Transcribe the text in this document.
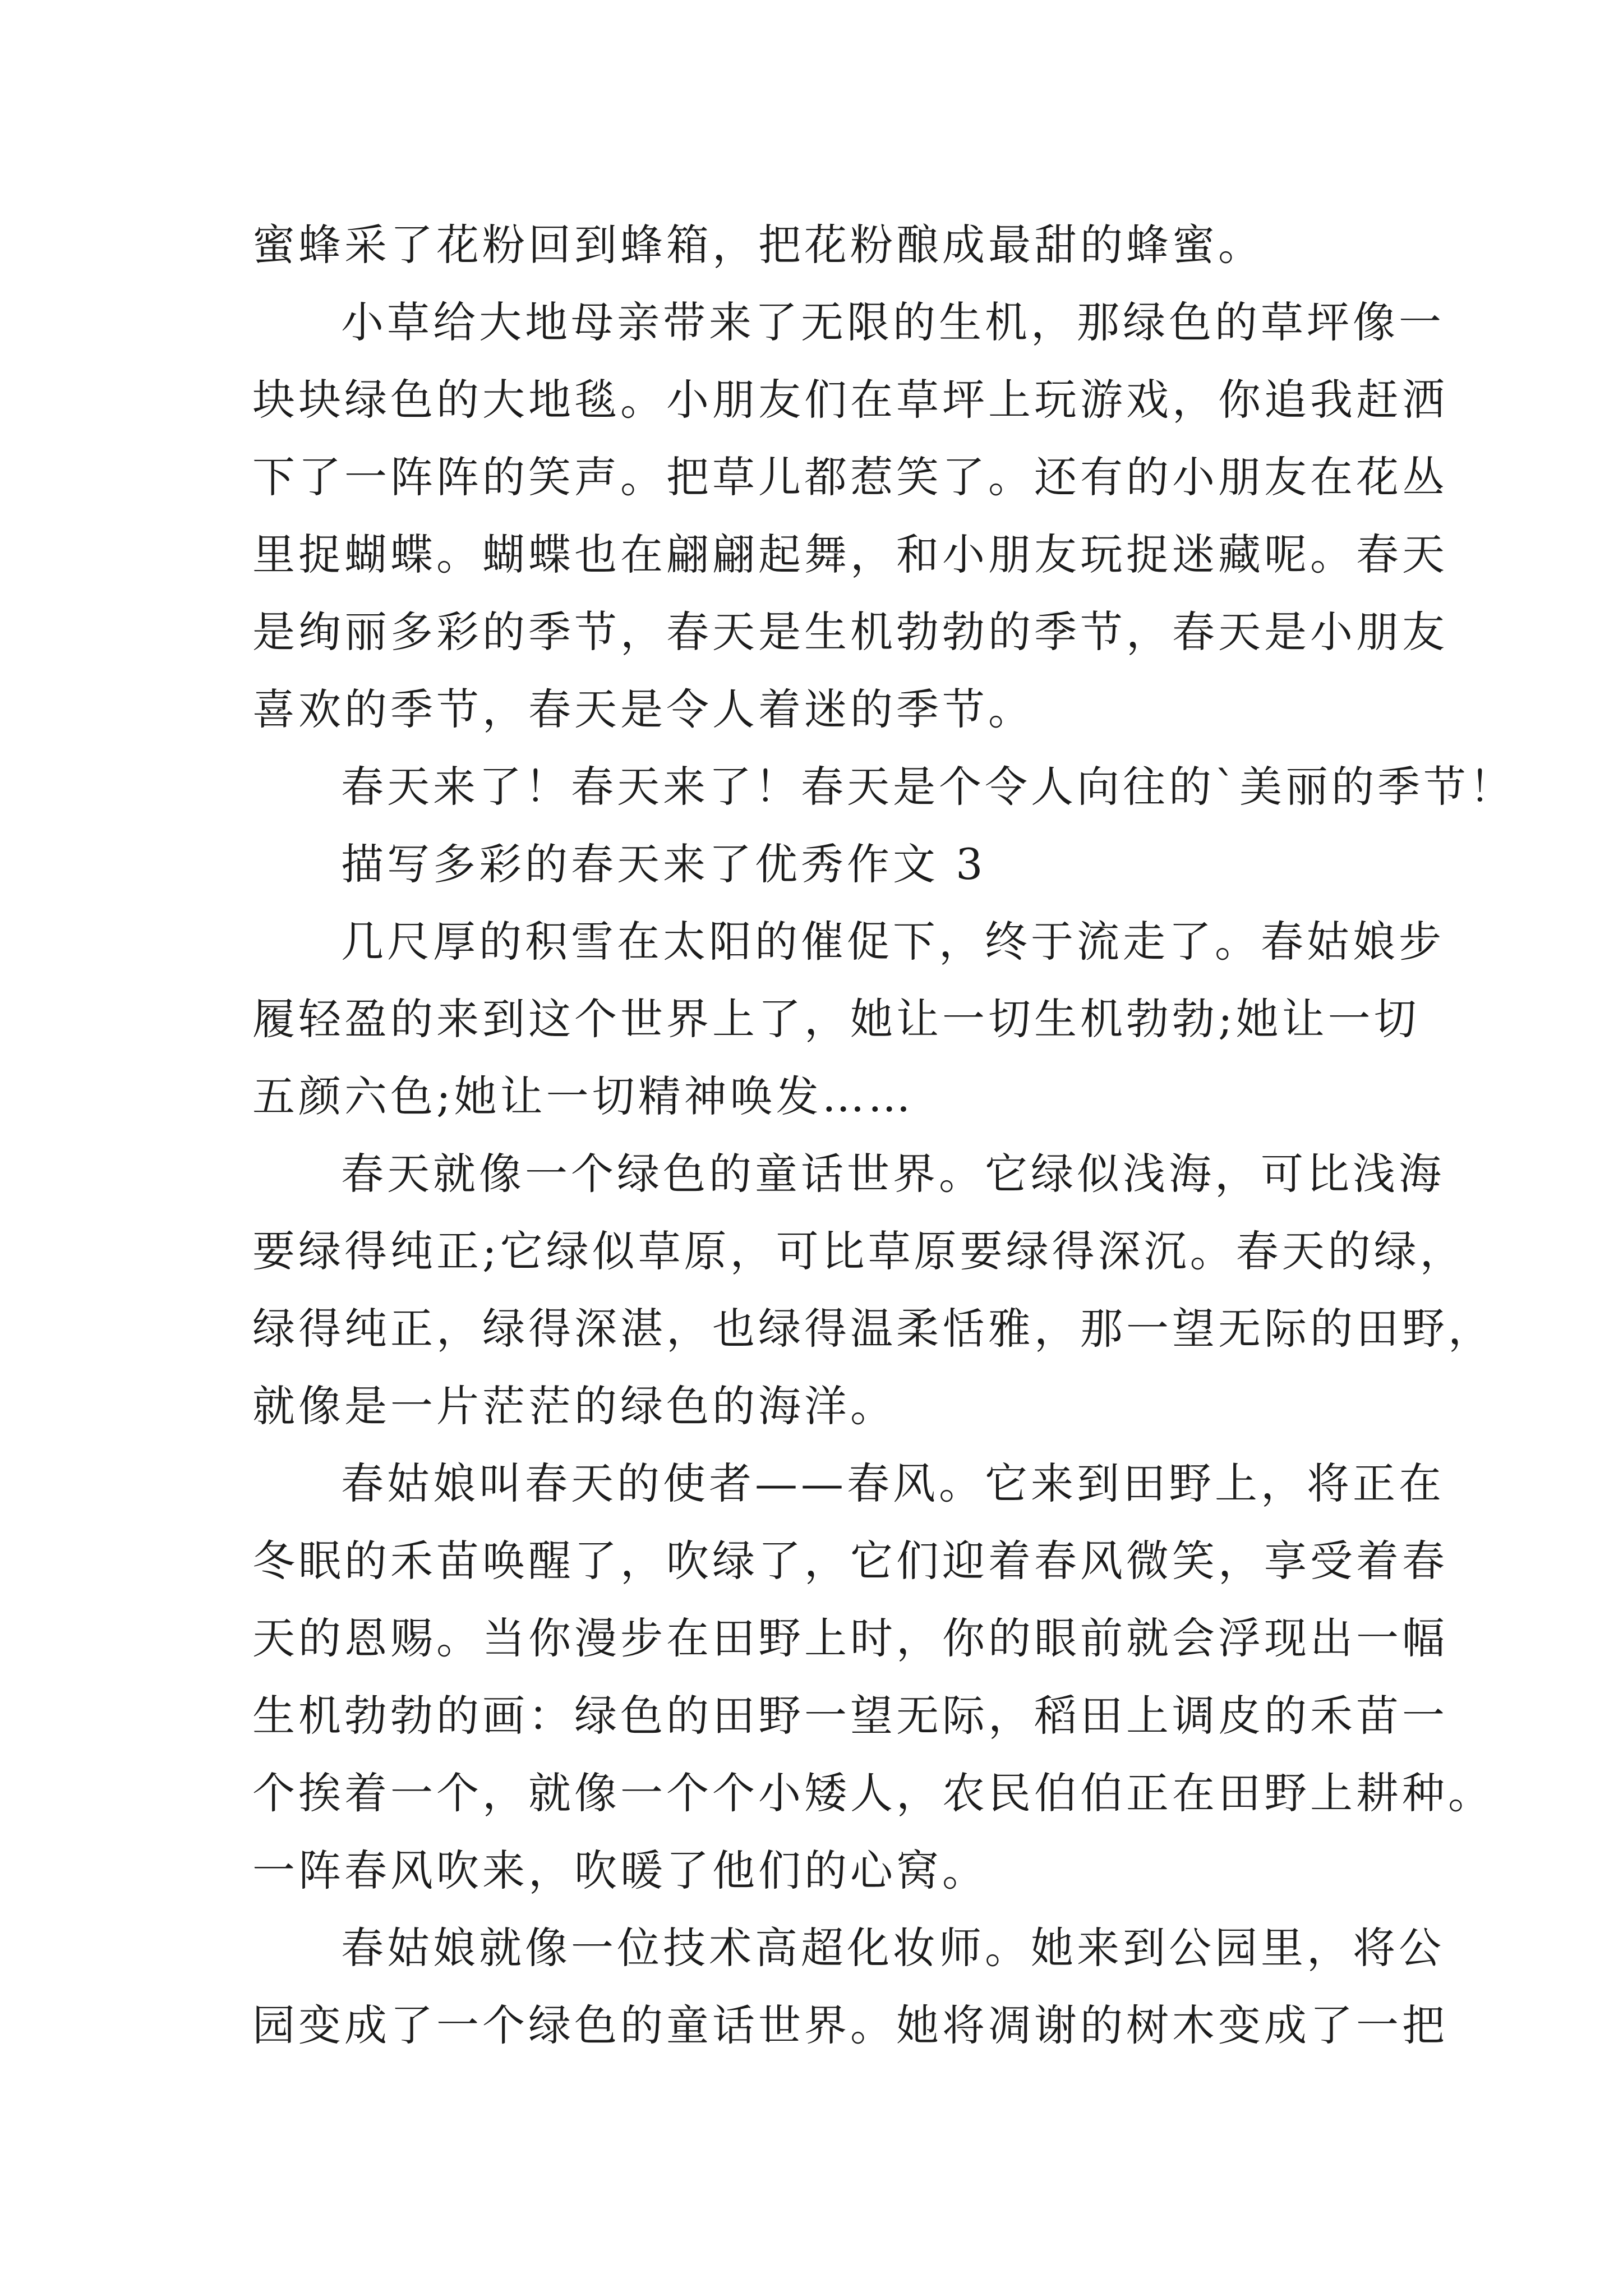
蜜蜂采了花粉回到蜂箱，把花粉酿成最甜的蜂蜜。
小草给大地母亲带来了无限的生机，那绿色的草坪像一
块块绿色的大地毯。小朋友们在草坪上玩游戏，你追我赶洒
下了一阵阵的笑声。把草儿都惹笑了。还有的小朋友在花丛
里捉蝴蝶。蝴蝶也在翩翩起舞，和小朋友玩捉迷藏呢。春天
是绚丽多彩的季节，春天是生机勃勃的季节，春天是小朋友
喜欢的季节，春天是令人着迷的季节。
春天来了！春天来了！春天是个令人向往的`美丽的季节！
描写多彩的春天来了优秀作文 3
几尺厚的积雪在太阳的催促下，终于流走了。春姑娘步
履轻盈的来到这个世界上了，她让一切生机勃勃;她让一切
五颜六色;她让一切精神唤发……
春天就像一个绿色的童话世界。它绿似浅海，可比浅海
要绿得纯正;它绿似草原，可比草原要绿得深沉。春天的绿，
绿得纯正，绿得深湛，也绿得温柔恬雅，那一望无际的田野，
就像是一片茫茫的绿色的海洋。
春姑娘叫春天的使者——春风。它来到田野上，将正在
冬眠的禾苗唤醒了，吹绿了，它们迎着春风微笑，享受着春
天的恩赐。当你漫步在田野上时，你的眼前就会浮现出一幅
生机勃勃的画：绿色的田野一望无际，稻田上调皮的禾苗一
个挨着一个，就像一个个小矮人，农民伯伯正在田野上耕种。
一阵春风吹来，吹暖了他们的心窝。
春姑娘就像一位技术高超化妆师。她来到公园里，将公
园变成了一个绿色的童话世界。她将凋谢的树木变成了一把
